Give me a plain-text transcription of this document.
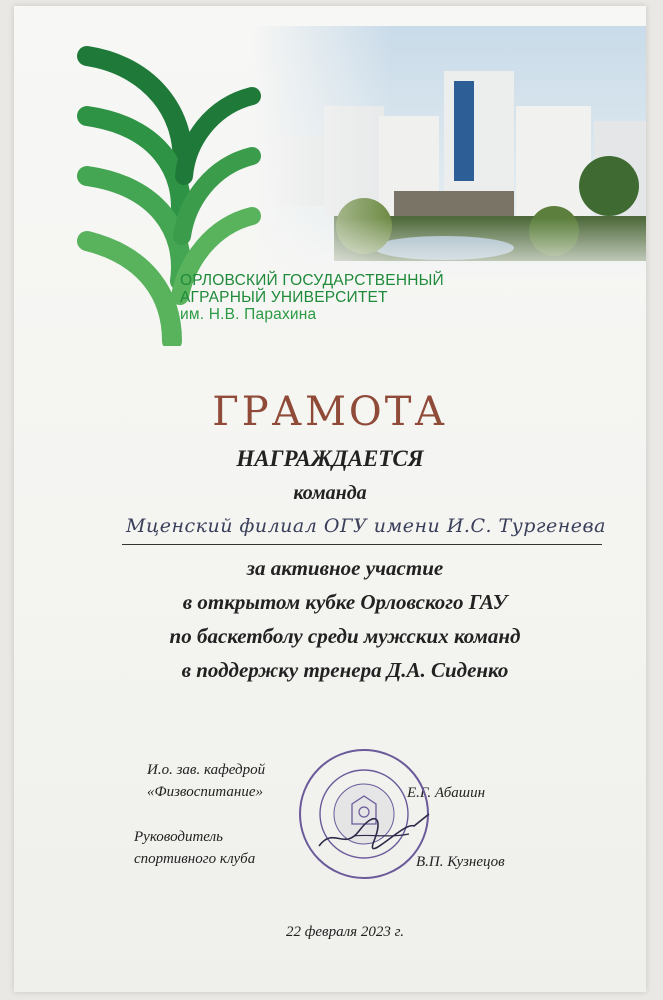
ОРЛОВСКИЙ ГОСУДАРСТВЕННЫЙ
АГРАРНЫЙ УНИВЕРСИТЕТ
им. Н.В. Парахина
ГРАМОТА
НАГРАЖДАЕТСЯ
команда
Мценский филиал ОГУ имени И.С. Тургенева
за активное участие
в открытом кубке Орловского ГАУ
по баскетболу среди мужских команд
в поддержку тренера Д.А. Сиденко
И.о. зав. кафедрой
«Физвоспитание»	Е.Г. Абашин
Руководитель
спортивного клуба	В.П. Кузнецов
22 февраля 2023 г.
